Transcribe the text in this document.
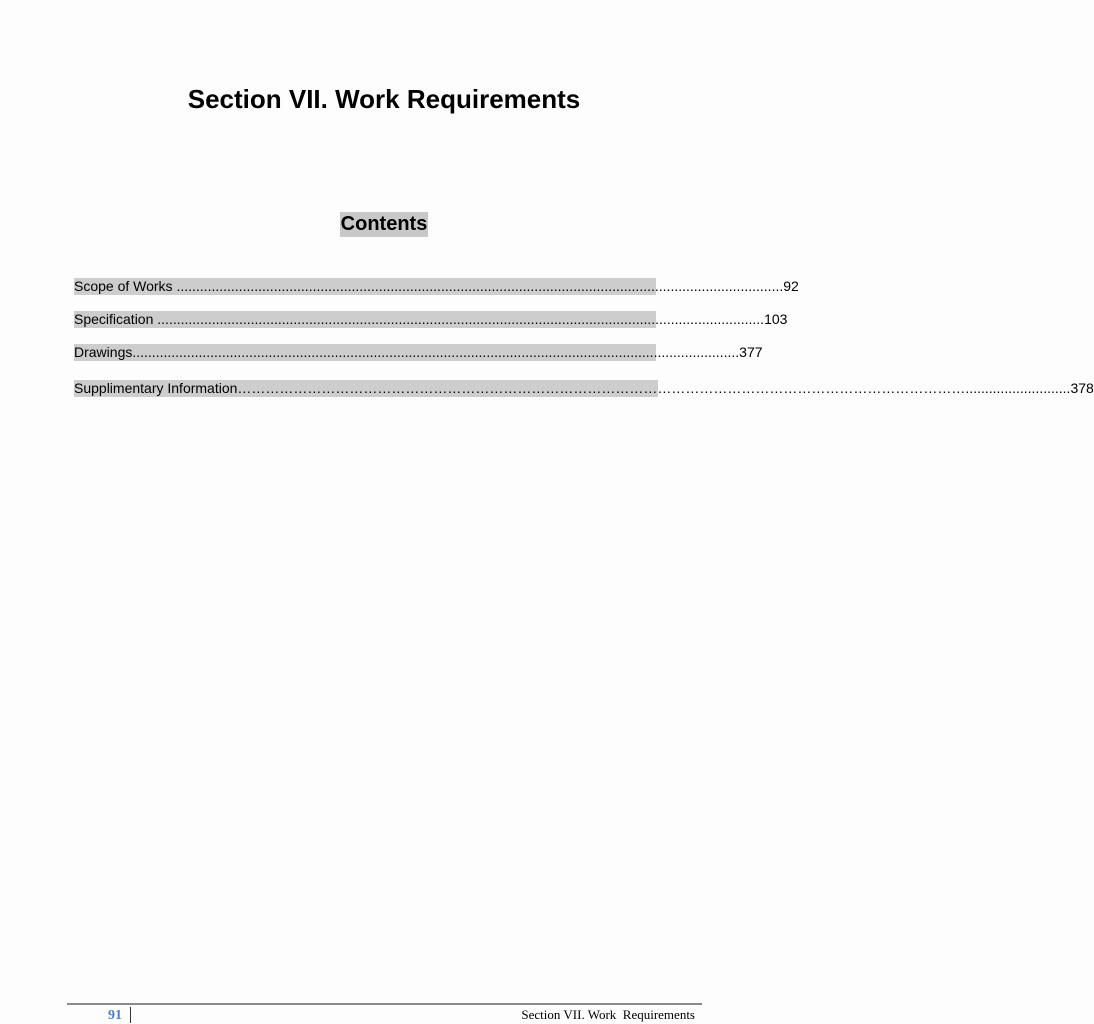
Section VII. Work Requirements
Contents
Scope of Works ............................................................................................................................................................ 92
Specification ............................................................................................................................................................ 103
Drawings ............................................................................................................................................................ 377
Supplimentary Information …………………………………………………………………………………………………………………………………………........................... 378
91	Section VII. Work  Requirements
